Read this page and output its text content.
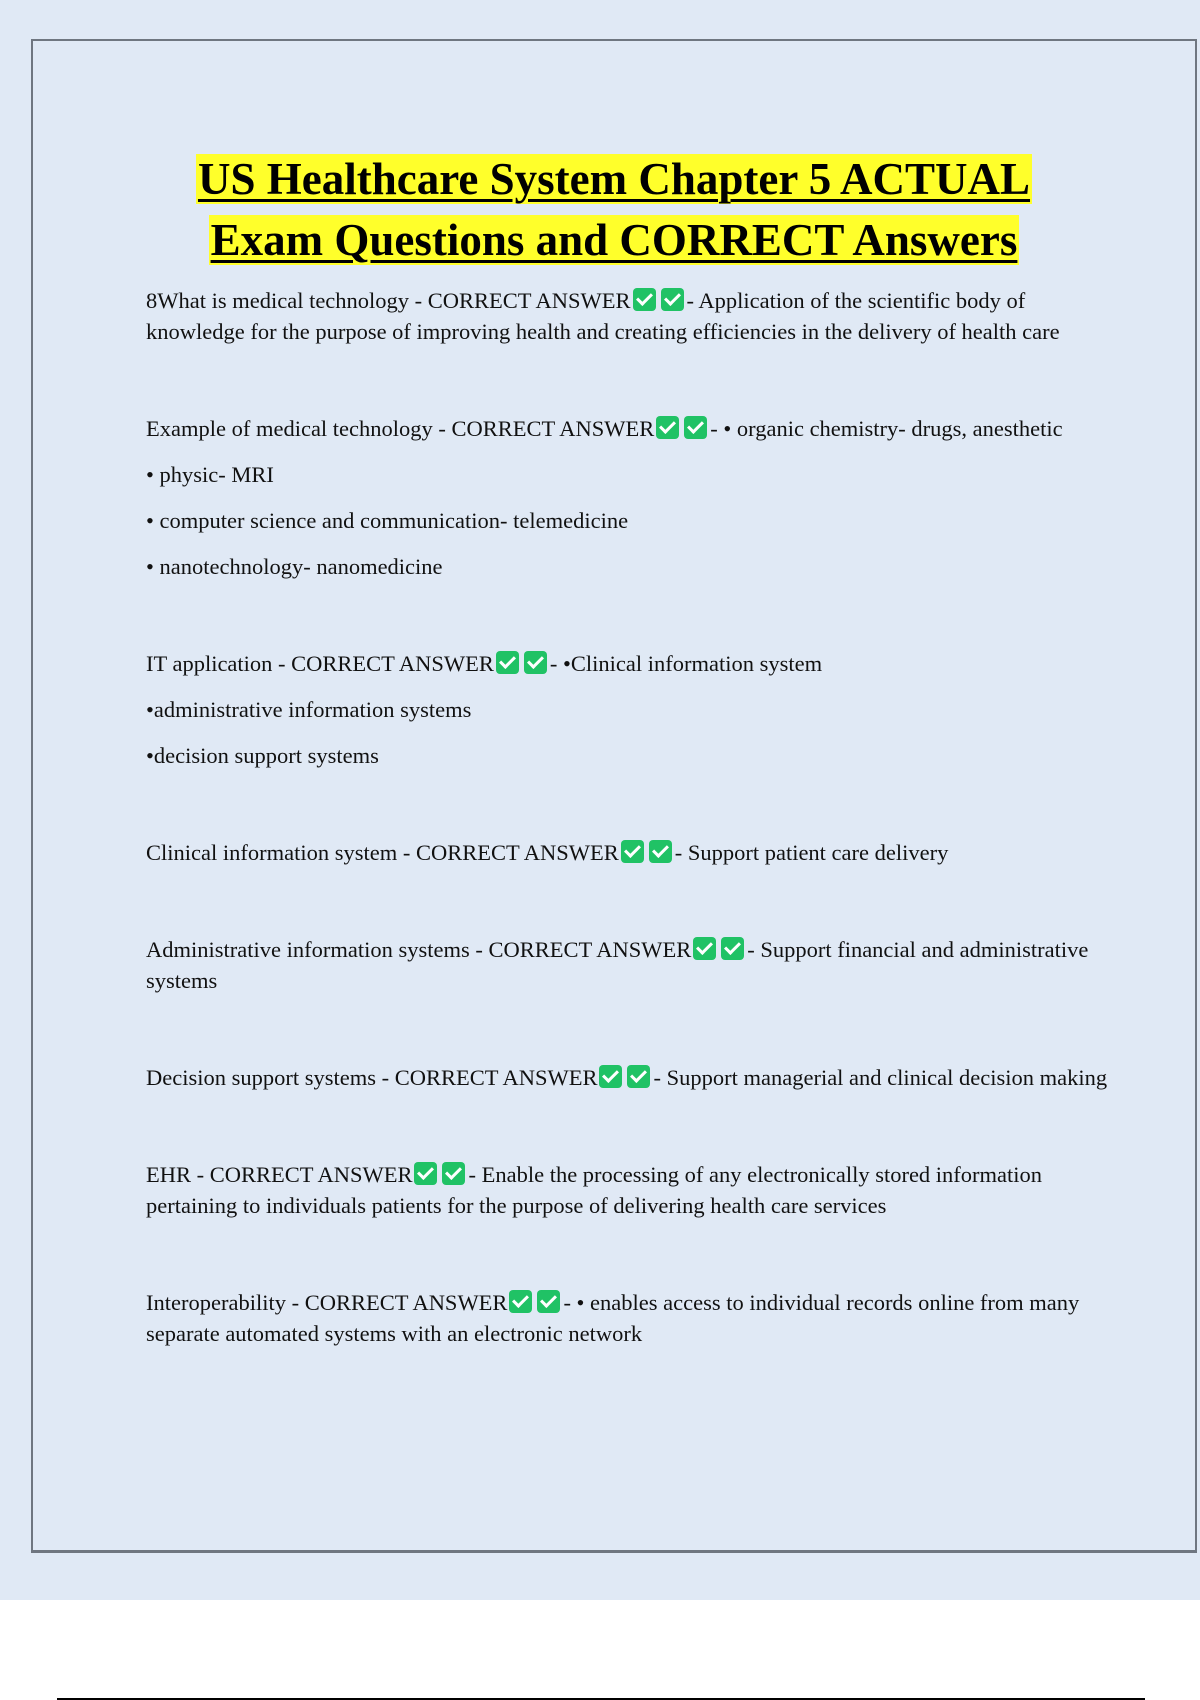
US Healthcare System Chapter 5 ACTUAL
Exam Questions and CORRECT Answers

8What is medical technology - CORRECT ANSWER - Application of the scientific body of knowledge for the purpose of improving health and creating efficiencies in the delivery of health care

Example of medical technology - CORRECT ANSWER - • organic chemistry- drugs, anesthetic

• physic- MRI

• computer science and communication- telemedicine

• nanotechnology- nanomedicine

IT application - CORRECT ANSWER - •Clinical information system

•administrative information systems

•decision support systems

Clinical information system - CORRECT ANSWER - Support patient care delivery

Administrative information systems - CORRECT ANSWER - Support financial and administrative systems

Decision support systems - CORRECT ANSWER - Support managerial and clinical decision making

EHR - CORRECT ANSWER - Enable the processing of any electronically stored information pertaining to individuals patients for the purpose of delivering health care services

Interoperability - CORRECT ANSWER - • enables access to individual records online from many separate automated systems with an electronic network
